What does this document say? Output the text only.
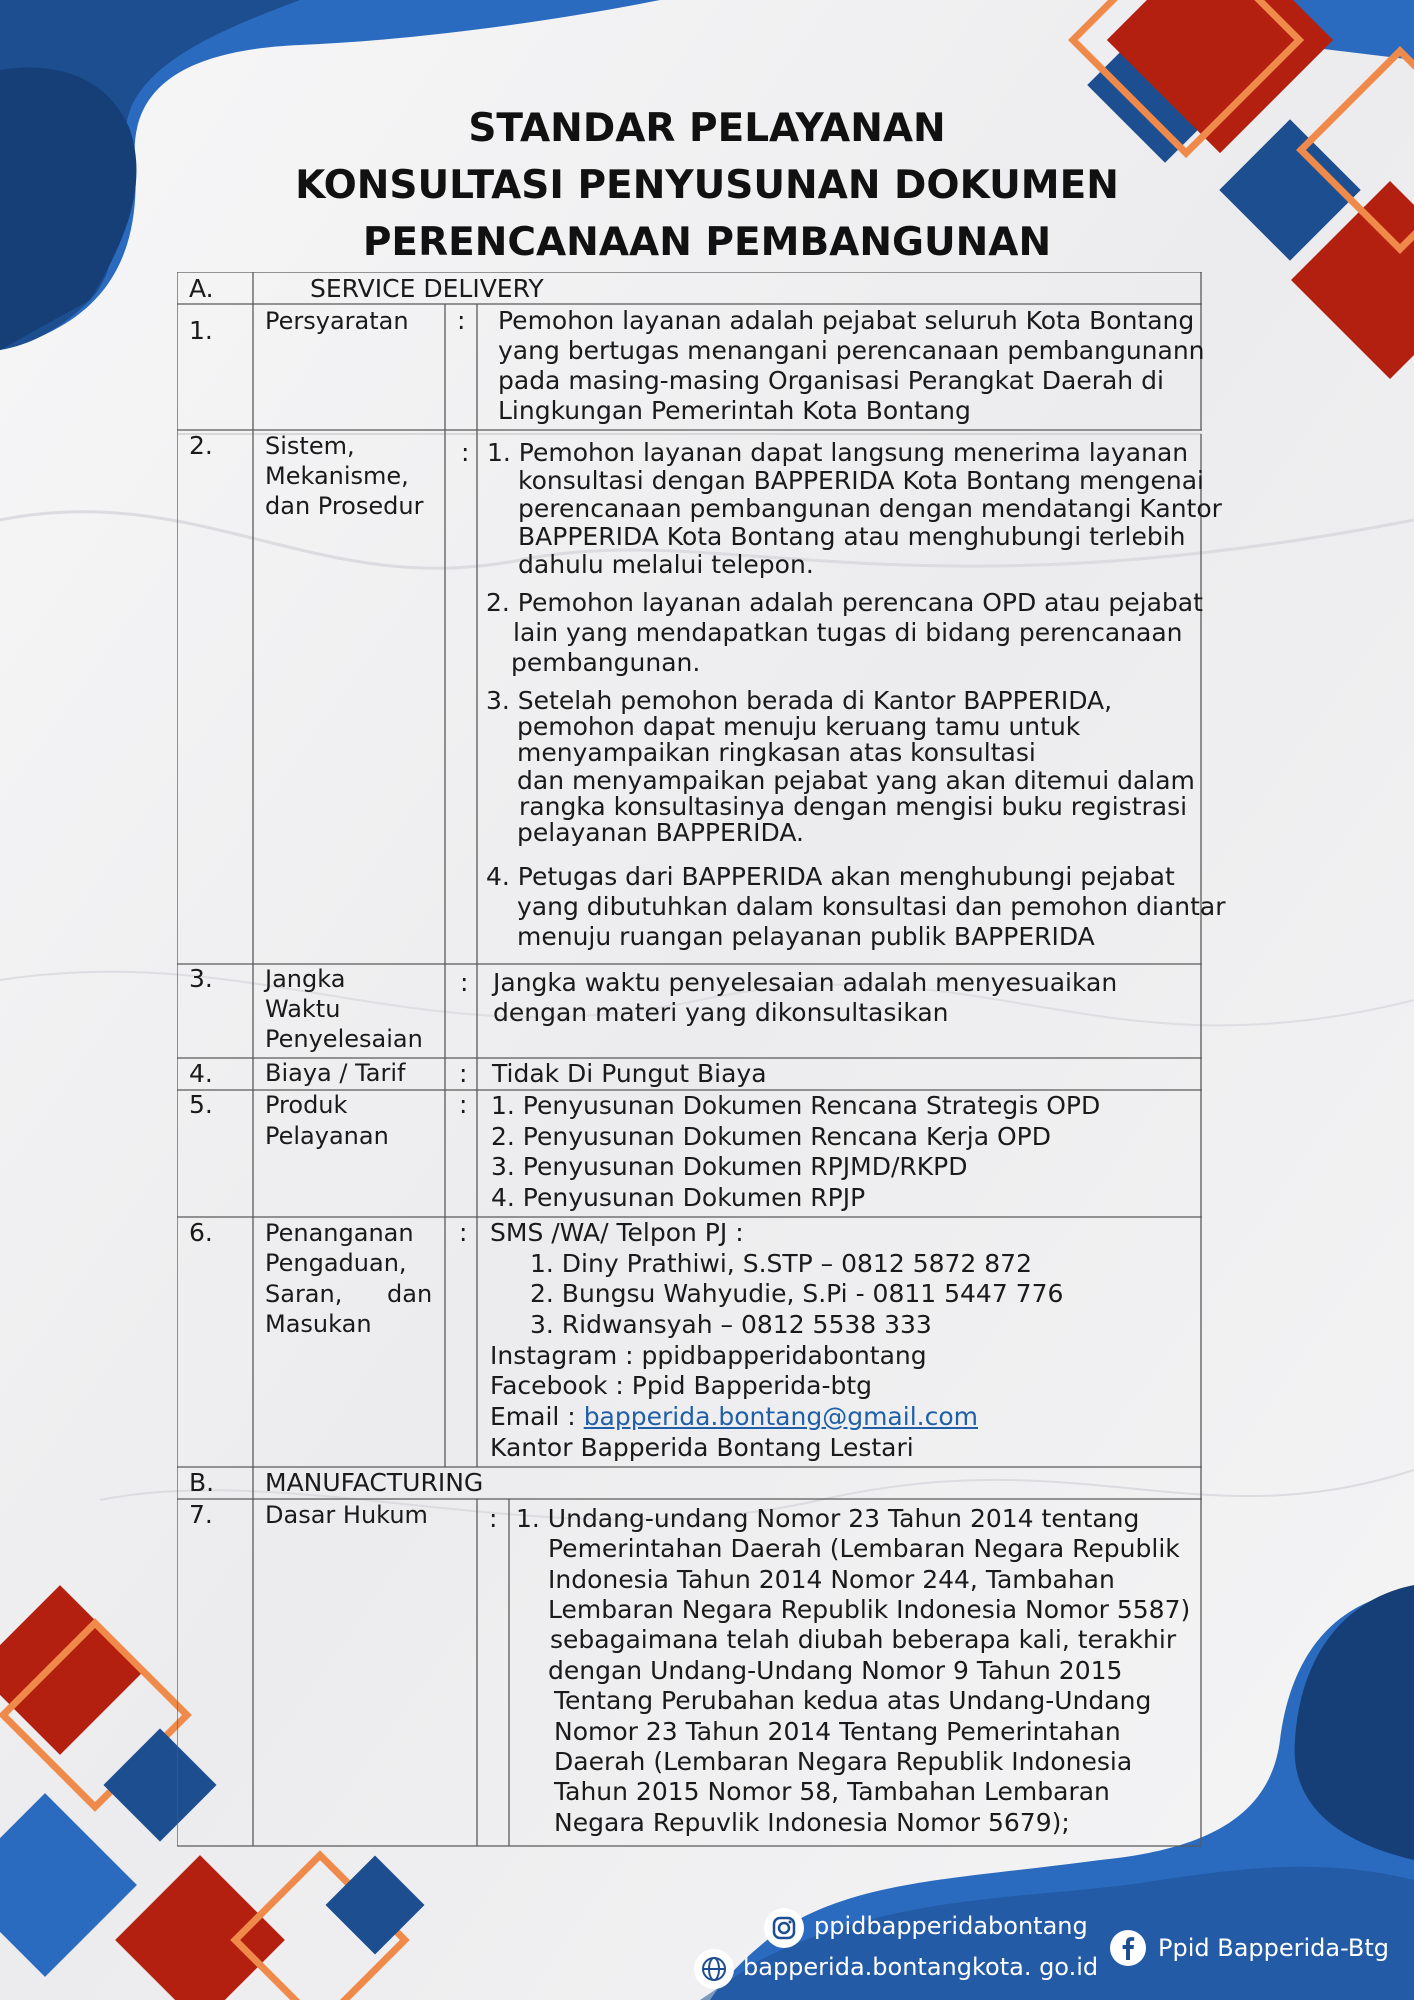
STANDAR PELAYANAN
KONSULTASI PENYUSUNAN DOKUMEN
PERENCANAAN PEMBANGUNAN
A.	SERVICE DELIVERY
1. Persyaratan : Pemohon layanan adalah pejabat seluruh Kota Bontang
yang bertugas menangani perencanaan pembangunann
pada masing-masing Organisasi Perangkat Daerah di
Lingkungan Pemerintah Kota Bontang
2. Sistem,
Mekanisme,
dan Prosedur
: 1. Pemohon layanan dapat langsung menerima layanan
konsultasi dengan BAPPERIDA Kota Bontang mengenai
perencanaan pembangunan dengan mendatangi Kantor
BAPPERIDA Kota Bontang atau menghubungi terlebih
dahulu melalui telepon.
2. Pemohon layanan adalah perencana OPD atau pejabat
lain yang mendapatkan tugas di bidang perencanaan
pembangunan.
3. Setelah pemohon berada di Kantor BAPPERIDA,
pemohon dapat menuju keruang tamu untuk
menyampaikan ringkasan atas konsultasi
dan menyampaikan pejabat yang akan ditemui dalam
rangka konsultasinya dengan mengisi buku registrasi
pelayanan BAPPERIDA.
4. Petugas dari BAPPERIDA akan menghubungi pejabat
yang dibutuhkan dalam konsultasi dan pemohon diantar
menuju ruangan pelayanan publik BAPPERIDA
3. Jangka
Waktu
Penyelesaian
: Jangka waktu penyelesaian adalah menyesuaikan
dengan materi yang dikonsultasikan
4. Biaya / Tarif : Tidak Di Pungut Biaya
5. Produk
Pelayanan
: 1. Penyusunan Dokumen Rencana Strategis OPD
2. Penyusunan Dokumen Rencana Kerja OPD
3. Penyusunan Dokumen RPJMD/RKPD
4. Penyusunan Dokumen RPJP
6. Penanganan
Pengaduan,
Saran, dan
Masukan
: SMS /WA/ Telpon PJ :
1. Diny Prathiwi, S.STP – 0812 5872 872
2. Bungsu Wahyudie, S.Pi - 0811 5447 776
3. Ridwansyah – 0812 5538 333
Instagram : ppidbapperidabontang
Facebook : Ppid Bapperida-btg
Email : bapperida.bontang@gmail.com
Kantor Bapperida Bontang Lestari
B. MANUFACTURING
7. Dasar Hukum : 1. Undang-undang Nomor 23 Tahun 2014 tentang
Pemerintahan Daerah (Lembaran Negara Republik
Indonesia Tahun 2014 Nomor 244, Tambahan
Lembaran Negara Republik Indonesia Nomor 5587)
sebagaimana telah diubah beberapa kali, terakhir
dengan Undang-Undang Nomor 9 Tahun 2015
Tentang Perubahan kedua atas Undang-Undang
Nomor 23 Tahun 2014 Tentang Pemerintahan
Daerah (Lembaran Negara Republik Indonesia
Tahun 2015 Nomor 58, Tambahan Lembaran
Negara Repuvlik Indonesia Nomor 5679);
ppidbapperidabontang
bapperida.bontangkota. go.id
Ppid Bapperida-Btg
